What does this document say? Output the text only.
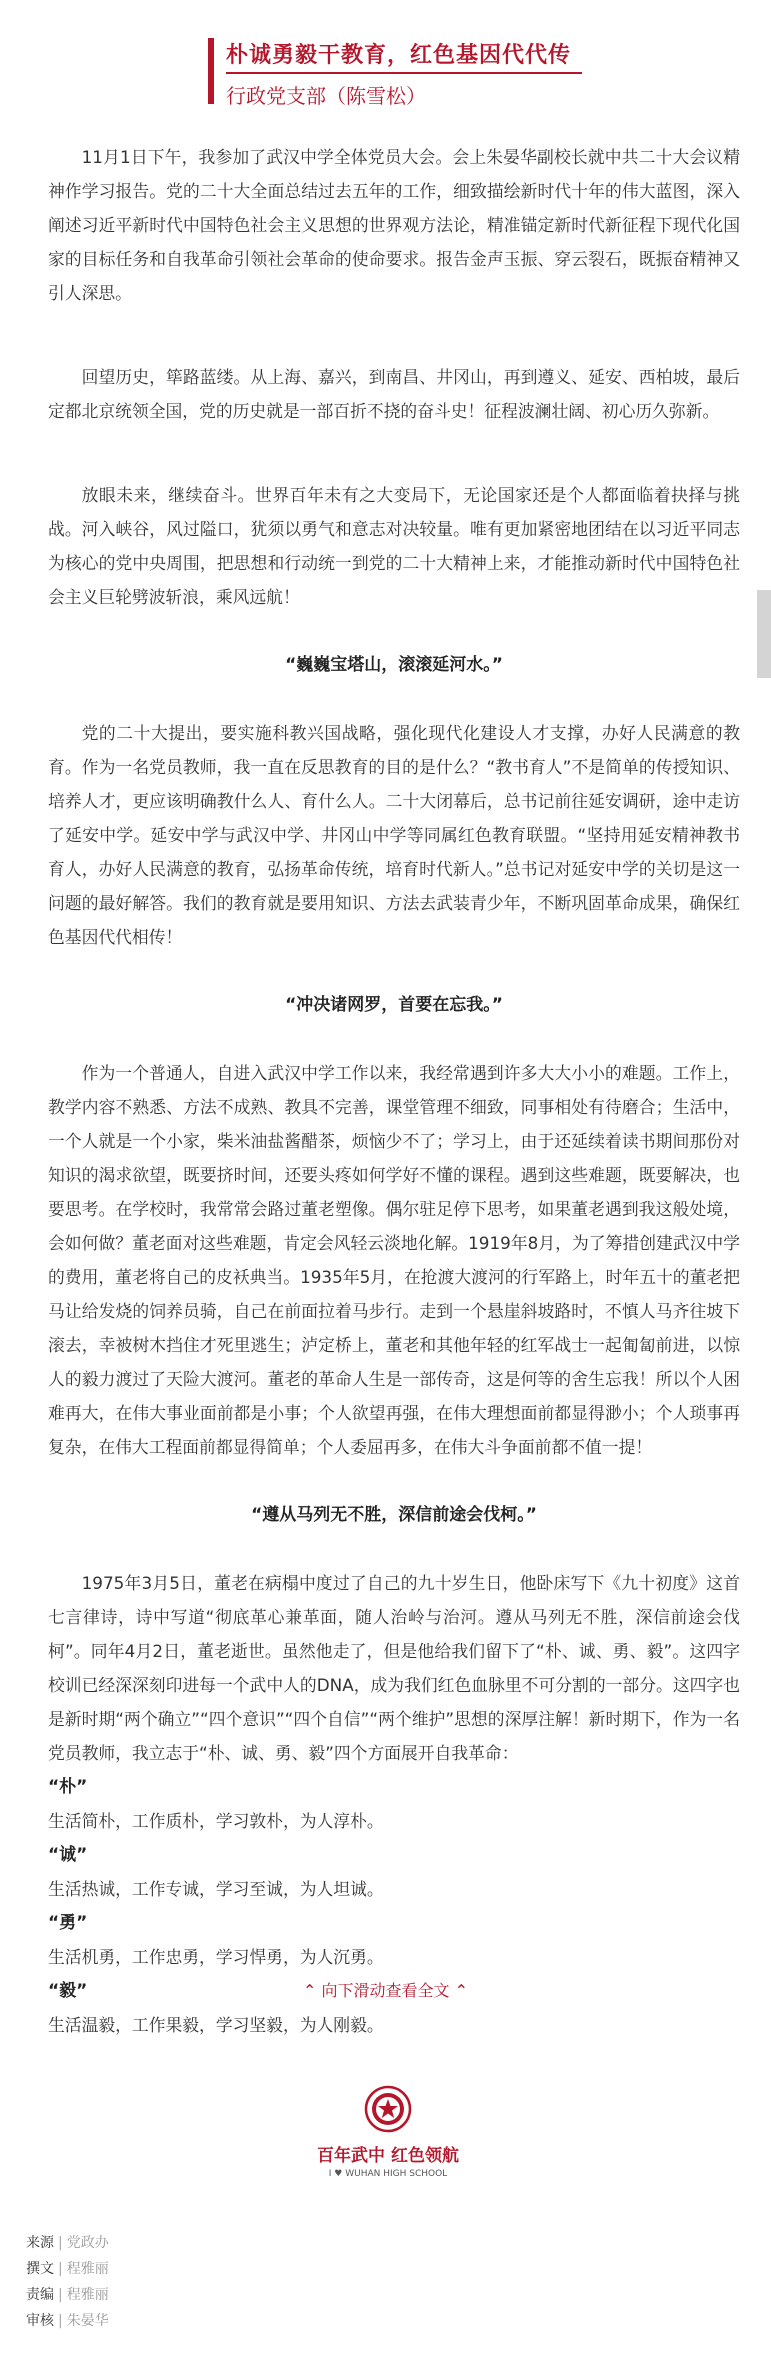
朴诚勇毅干教育，红色基因代代传
行政党支部（陈雪松）

11月1日下午，我参加了武汉中学全体党员大会。会上朱晏华副校长就中共二十大会议精神作学习报告。党的二十大全面总结过去五年的工作，细致描绘新时代十年的伟大蓝图，深入阐述习近平新时代中国特色社会主义思想的世界观方法论，精准锚定新时代新征程下现代化国家的目标任务和自我革命引领社会革命的使命要求。报告金声玉振、穿云裂石，既振奋精神又引人深思。

回望历史，筚路蓝缕。从上海、嘉兴，到南昌、井冈山，再到遵义、延安、西柏坡，最后定都北京统领全国，党的历史就是一部百折不挠的奋斗史！征程波澜壮阔、初心历久弥新。

放眼未来，继续奋斗。世界百年未有之大变局下，无论国家还是个人都面临着抉择与挑战。河入峡谷，风过隘口，犹须以勇气和意志对决较量。唯有更加紧密地团结在以习近平同志为核心的党中央周围，把思想和行动统一到党的二十大精神上来，才能推动新时代中国特色社会主义巨轮劈波斩浪，乘风远航！

“巍巍宝塔山，滚滚延河水。”

党的二十大提出，要实施科教兴国战略，强化现代化建设人才支撑，办好人民满意的教育。作为一名党员教师，我一直在反思教育的目的是什么？“教书育人”不是简单的传授知识、培养人才，更应该明确教什么人、育什么人。二十大闭幕后，总书记前往延安调研，途中走访了延安中学。延安中学与武汉中学、井冈山中学等同属红色教育联盟。“坚持用延安精神教书育人，办好人民满意的教育，弘扬革命传统，培育时代新人。”总书记对延安中学的关切是这一问题的最好解答。我们的教育就是要用知识、方法去武装青少年，不断巩固革命成果，确保红色基因代代相传！

“冲决诸网罗，首要在忘我。”

作为一个普通人，自进入武汉中学工作以来，我经常遇到许多大大小小的难题。工作上，教学内容不熟悉、方法不成熟、教具不完善，课堂管理不细致，同事相处有待磨合；生活中，一个人就是一个小家，柴米油盐酱醋茶，烦恼少不了；学习上，由于还延续着读书期间那份对知识的渴求欲望，既要挤时间，还要头疼如何学好不懂的课程。遇到这些难题，既要解决，也要思考。在学校时，我常常会路过董老塑像。偶尔驻足停下思考，如果董老遇到我这般处境，会如何做？董老面对这些难题，肯定会风轻云淡地化解。1919年8月，为了筹措创建武汉中学的费用，董老将自己的皮袄典当。1935年5月，在抢渡大渡河的行军路上，时年五十的董老把马让给发烧的饲养员骑，自己在前面拉着马步行。走到一个悬崖斜坡路时，不慎人马齐往坡下滚去，幸被树木挡住才死里逃生；泸定桥上，董老和其他年轻的红军战士一起匍匐前进，以惊人的毅力渡过了天险大渡河。董老的革命人生是一部传奇，这是何等的舍生忘我！所以个人困难再大，在伟大事业面前都是小事；个人欲望再强，在伟大理想面前都显得渺小；个人琐事再复杂，在伟大工程面前都显得简单；个人委屈再多，在伟大斗争面前都不值一提！

“遵从马列无不胜，深信前途会伐柯。”

1975年3月5日，董老在病榻中度过了自己的九十岁生日，他卧床写下《九十初度》这首七言律诗，诗中写道“彻底革心兼革面，随人治岭与治河。遵从马列无不胜，深信前途会伐柯”。同年4月2日，董老逝世。虽然他走了，但是他给我们留下了“朴、诚、勇、毅”。这四字校训已经深深刻印进每一个武中人的DNA，成为我们红色血脉里不可分割的一部分。这四字也是新时期“两个确立”“四个意识”“四个自信”“两个维护”思想的深厚注解！新时期下，作为一名党员教师，我立志于“朴、诚、勇、毅”四个方面展开自我革命：

“朴”

生活简朴，工作质朴，学习敦朴，为人淳朴。

“诚”

生活热诚，工作专诚，学习至诚，为人坦诚。

“勇”

生活机勇，工作忠勇，学习悍勇，为人沉勇。

“毅”

生活温毅，工作果毅，学习坚毅，为人刚毅。

⌃ 向下滑动查看全文 ⌃
百年武中 红色领航
I ♥ WUHAN HIGH SCHOOL
来源 | 党政办
撰文 | 程雅丽
责编 | 程雅丽
审核 | 朱晏华
